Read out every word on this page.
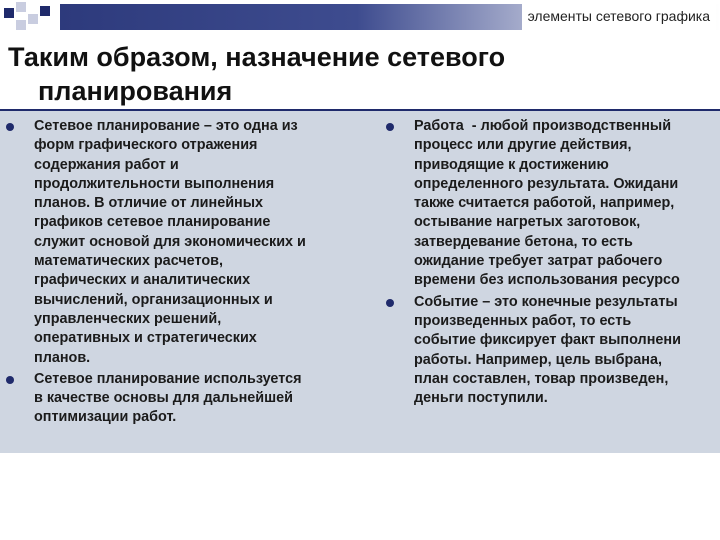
элементы сетевого графика
Таким образом, назначение сетевого
планирования
Сетевое планирование – это одна из
форм графического отражения
содержания работ и
продолжительности выполнения
планов. В отличие от линейных
графиков сетевое планирование
служит основой для экономических и
математических расчетов,
графических и аналитических
вычислений, организационных и
управленческих решений,
оперативных и стратегических
планов.
Сетевое планирование используется
в качестве основы для дальнейшей
оптимизации работ.
Работа  - любой производственный
процесс или другие действия,
приводящие к достижению
определенного результата. Ожидани
также считается работой, например,
остывание нагретых заготовок,
затвердевание бетона, то есть
ожидание требует затрат рабочего
времени без использования ресурсо
Событие – это конечные результаты
произведенных работ, то есть
событие фиксирует факт выполнени
работы. Например, цель выбрана,
план составлен, товар произведен,
деньги поступили.
